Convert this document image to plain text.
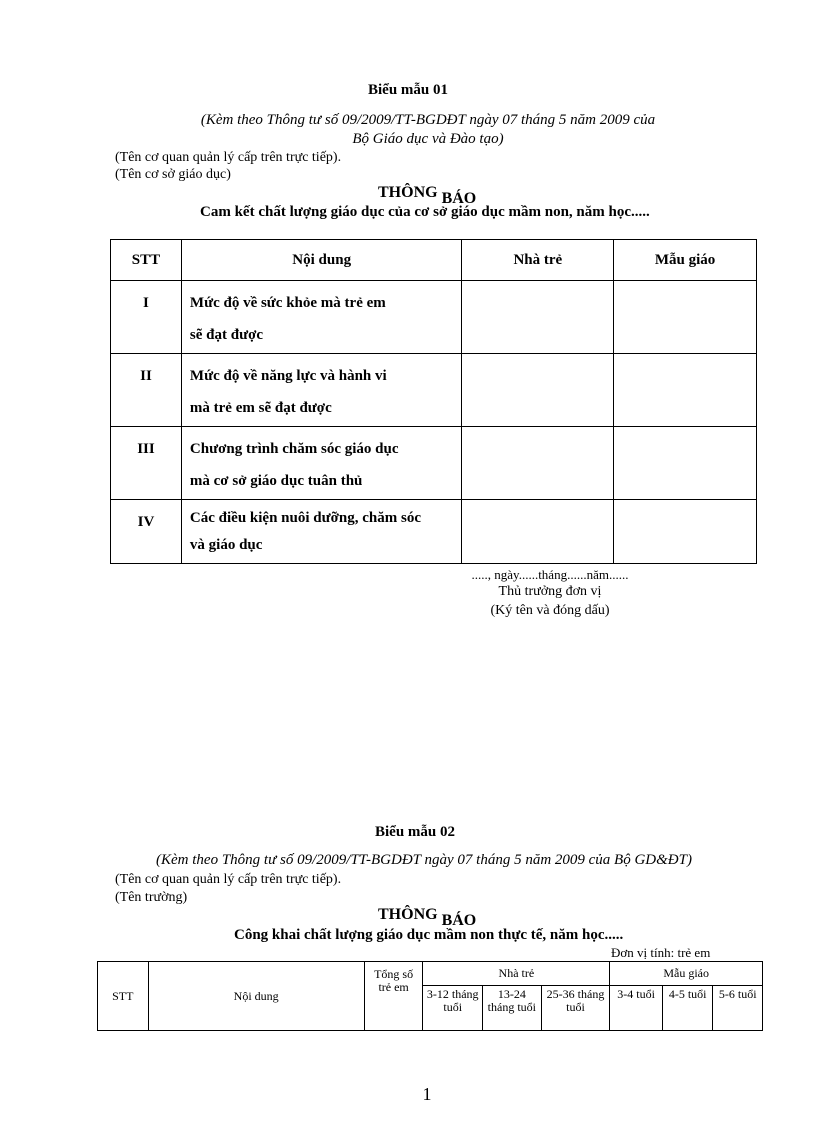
Biểu mẫu 01
(Kèm theo Thông tư số 09/2009/TT-BGDĐT ngày 07 tháng 5 năm 2009 của
Bộ Giáo dục và Đào tạo)
(Tên cơ quan quản lý cấp trên trực tiếp).
(Tên cơ sở giáo dục)
THÔNG BÁO
Cam kết chất lượng giáo dục của cơ sở giáo dục mầm non, năm học.....
STT	Nội dung	Nhà trẻ	Mẫu giáo
I	Mức độ về sức khỏe mà trẻ em
sẽ đạt được		

II	Mức độ về năng lực và hành vi
mà trẻ em sẽ đạt được		

III	Chương trình chăm sóc giáo dục
mà cơ sở giáo dục tuân thủ		

IV	Các điều kiện nuôi dưỡng, chăm sóc
và giáo dục		

....., ngày......tháng......năm......
Thủ trưởng đơn vị
(Ký tên và đóng dấu)
Biểu mẫu 02
(Kèm theo Thông tư số 09/2009/TT-BGDĐT ngày 07 tháng 5 năm 2009 của Bộ GD&ĐT)
(Tên cơ quan quản lý cấp trên trực tiếp).
(Tên trường)
THÔNG BÁO
Công khai chất lượng giáo dục mầm non thực tế, năm học.....
Đơn vị tính: trẻ em
STT	Nội dung	Tổng số trẻ em	Nhà trẻ			Mẫu giáo		
			3-12 tháng tuổi	13-24 tháng tuổi	25-36 tháng tuổi	3-4 tuổi	4-5 tuổi	5-6 tuổi
1
